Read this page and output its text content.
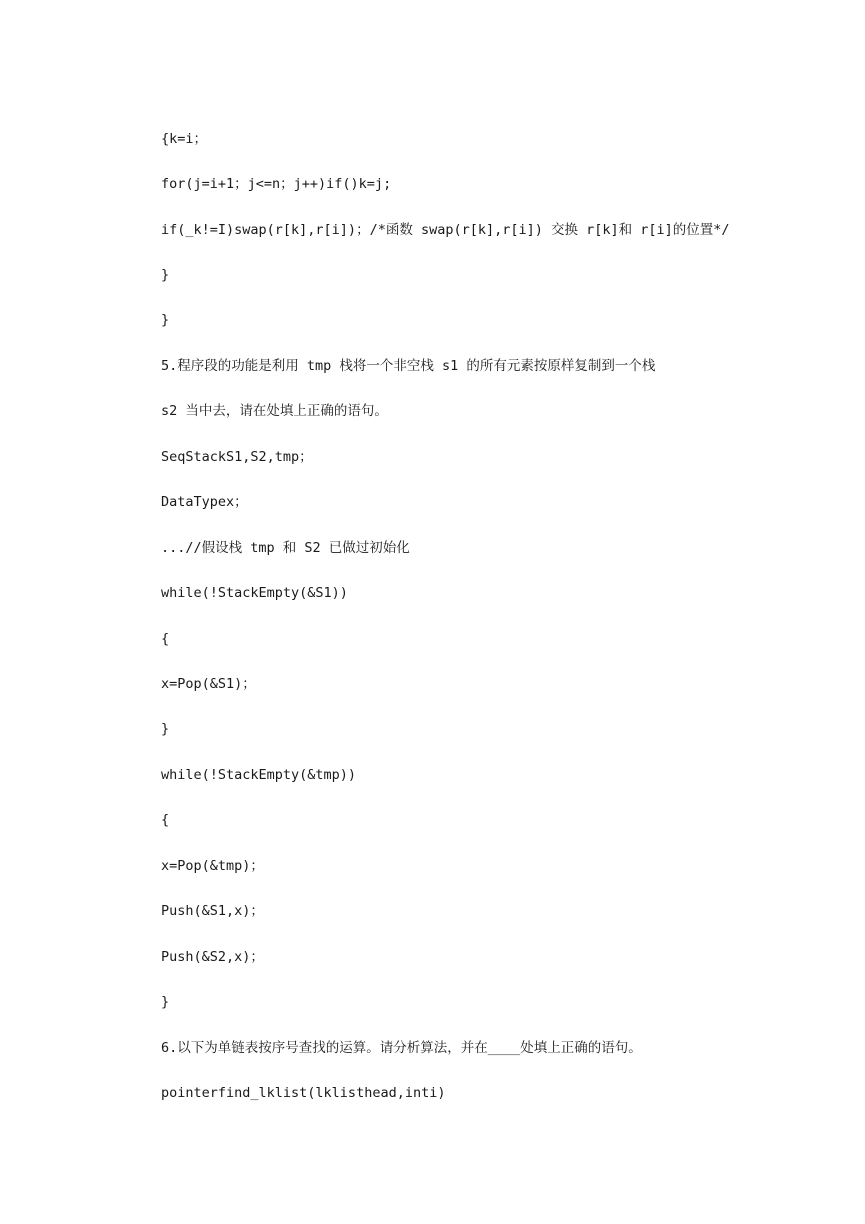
{k=i；
for(j=i+1；j<=n；j++)if()k=j;
if(_k!=I)swap(r[k],r[i])；/*函数 swap(r[k],r[i]) 交换 r[k]和 r[i]的位置*/
}
}
5.程序段的功能是利用 tmp 栈将一个非空栈 s1 的所有元素按原样复制到一个栈
s2 当中去，请在处填上正确的语句。
SeqStackS1,S2,tmp；
DataTypex；
...//假设栈 tmp 和 S2 已做过初始化
while(!StackEmpty(&S1))
{
x=Pop(&S1)；
}
while(!StackEmpty(&tmp))
{
x=Pop(&tmp)；
Push(&S1,x)；
Push(&S2,x)；
}
6.以下为单链表按序号查找的运算。请分析算法，并在____处填上正确的语句。
pointerfind_lklist(lklisthead,inti)
